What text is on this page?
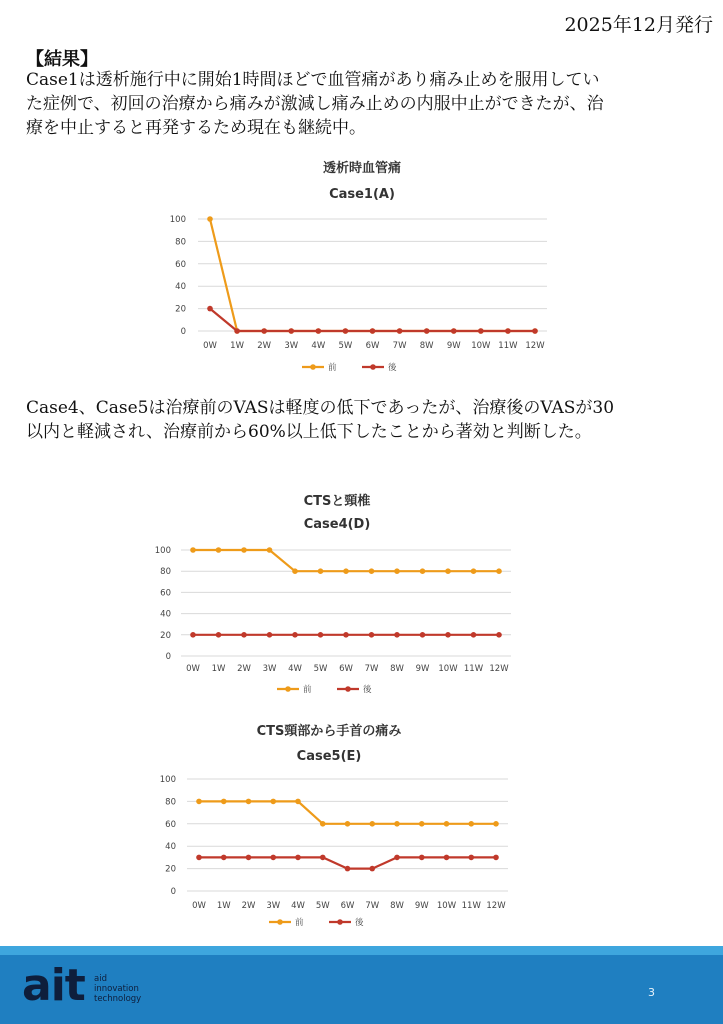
2025年12月発行
【結果】

Case1は透析施行中に開始1時間ほどで血管痛があり痛み止めを服用してい
た症例で、初回の治療から痛みが激減し痛み止めの内服中止ができたが、治
療を中止すると再発するため現在も継続中。

Case4、Case5は治療前のVASは軽度の低下であったが、治療後のVASが30
以内と軽減され、治療前から60%以上低下したことから著効と判断した。

透析時血管痛
Case1(A)
0
20
40
60
80
100
0W 1W 2W 3W 4W 5W 6W 7W 8W 9W 10W 11W 12W
前	後
CTSと頸椎
Case4(D)
0
20
40
60
80
100
0W 1W 2W 3W 4W 5W 6W 7W 8W 9W 10W 11W 12W
前	後
CTS頸部から手首の痛み
Case5(E)
0
20
40
60
80
100
0W 1W 2W 3W 4W 5W 6W 7W 8W 9W 10W 11W 12W
前	後
ait aid
innovation
technology	3
